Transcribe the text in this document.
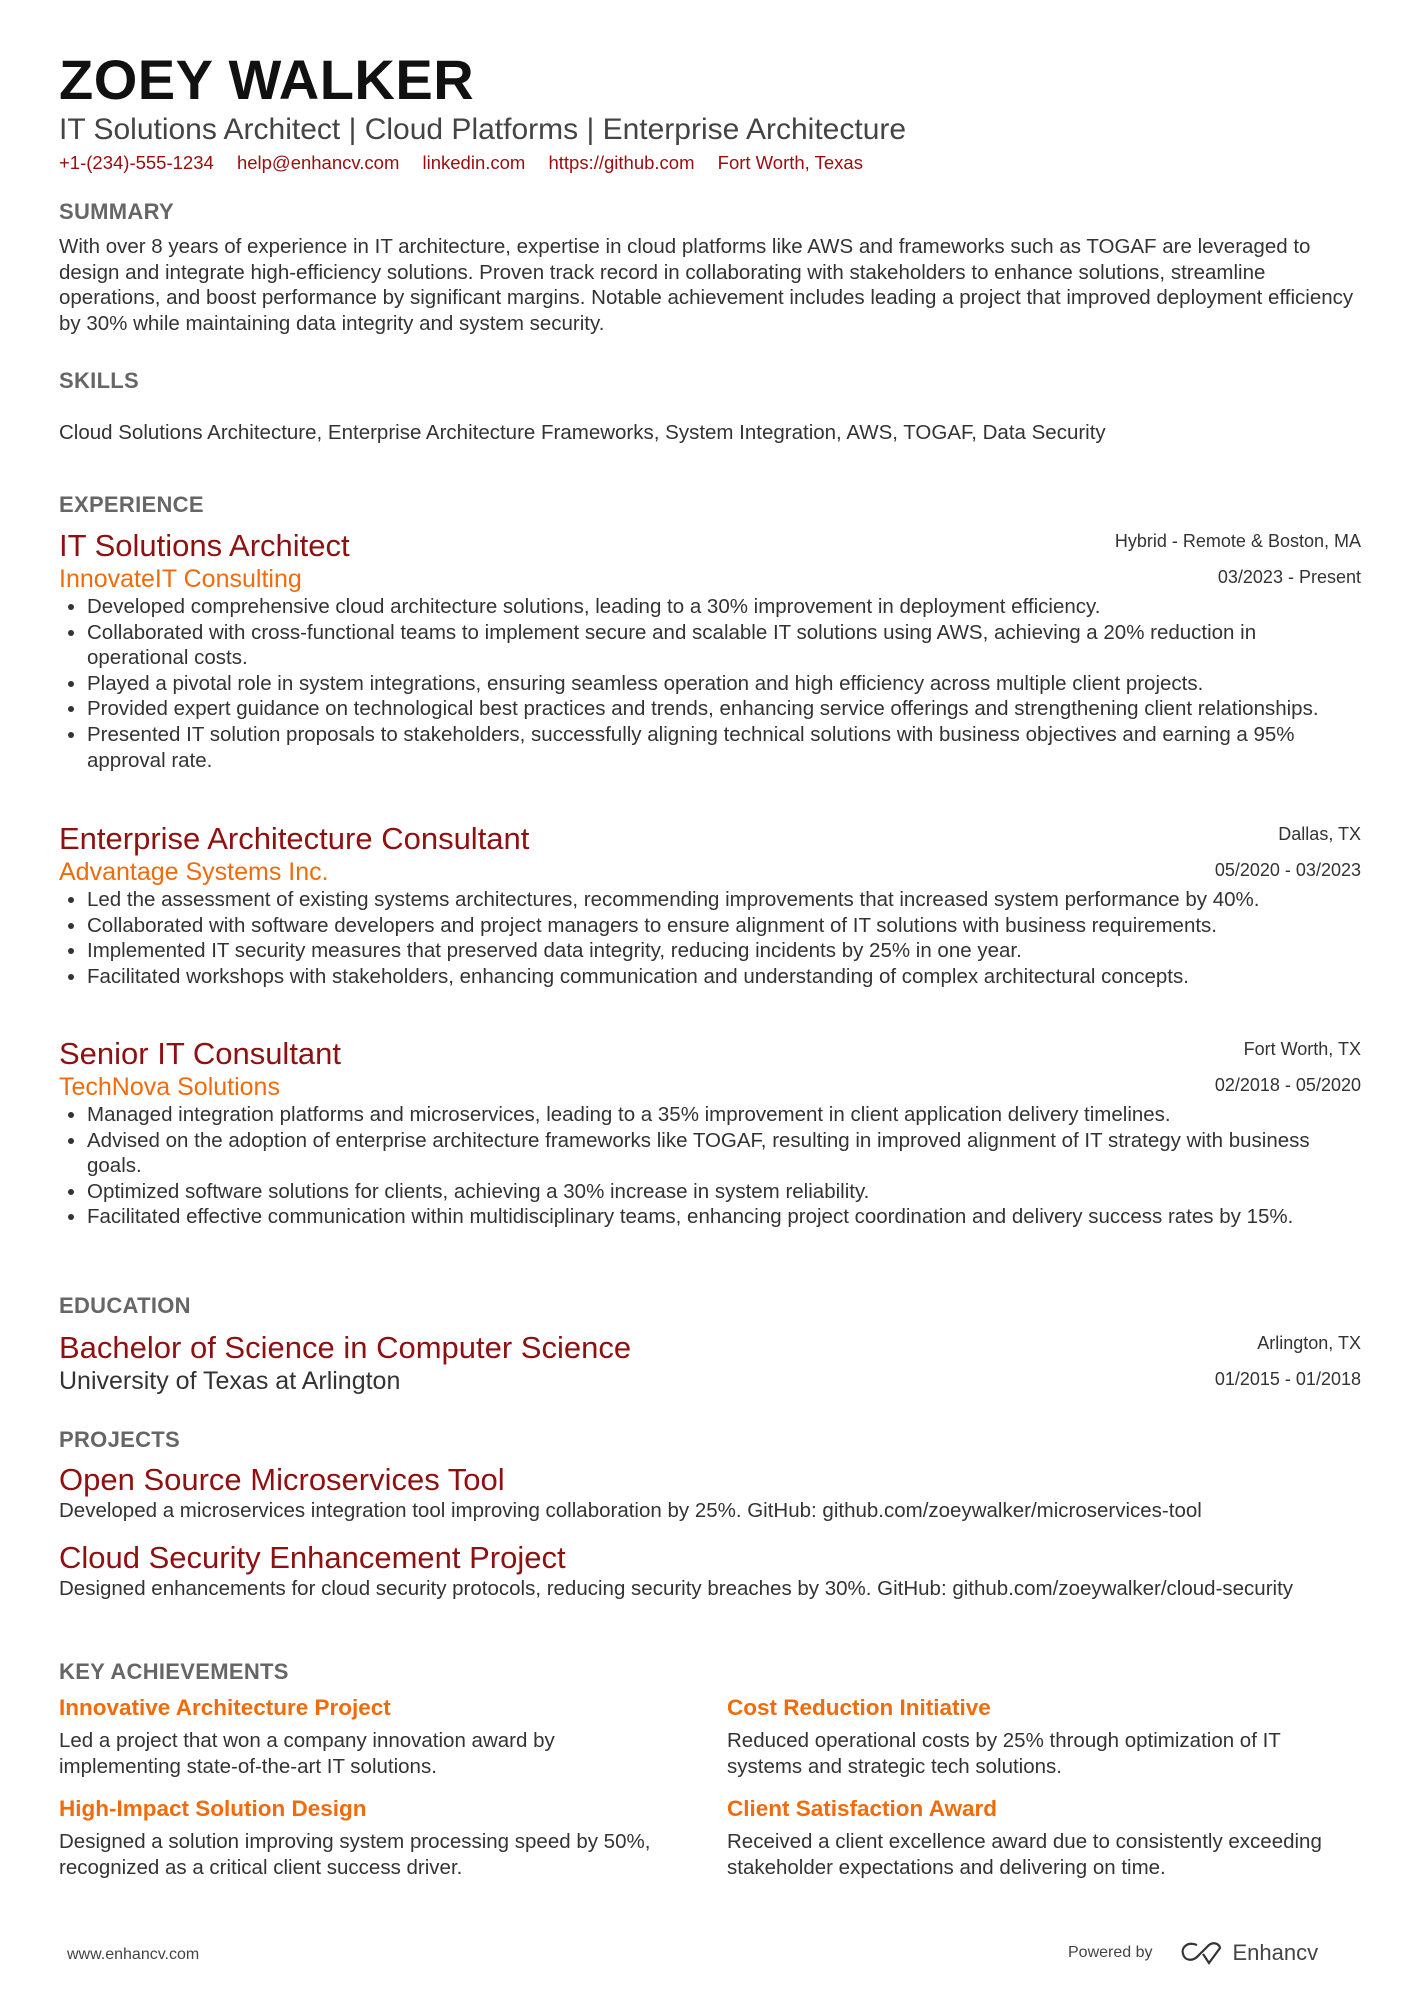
ZOEY WALKER
IT Solutions Architect | Cloud Platforms | Enterprise Architecture
+1-(234)-555-1234 help@enhancv.com linkedin.com https://github.com Fort Worth, Texas
SUMMARY
With over 8 years of experience in IT architecture, expertise in cloud platforms like AWS and frameworks such as TOGAF are leveraged to design and integrate high-efficiency solutions. Proven track record in collaborating with stakeholders to enhance solutions, streamline operations, and boost performance by significant margins. Notable achievement includes leading a project that improved deployment efficiency by 30% while maintaining data integrity and system security.
SKILLS
Cloud Solutions Architecture, Enterprise Architecture Frameworks, System Integration, AWS, TOGAF, Data Security
EXPERIENCE
IT Solutions Architect
InnovateIT Consulting
Hybrid - Remote & Boston, MA
03/2023 - Present
• Developed comprehensive cloud architecture solutions, leading to a 30% improvement in deployment efficiency.
• Collaborated with cross-functional teams to implement secure and scalable IT solutions using AWS, achieving a 20% reduction in operational costs.
• Played a pivotal role in system integrations, ensuring seamless operation and high efficiency across multiple client projects.
• Provided expert guidance on technological best practices and trends, enhancing service offerings and strengthening client relationships.
• Presented IT solution proposals to stakeholders, successfully aligning technical solutions with business objectives and earning a 95% approval rate.
Enterprise Architecture Consultant
Advantage Systems Inc.
Dallas, TX
05/2020 - 03/2023
• Led the assessment of existing systems architectures, recommending improvements that increased system performance by 40%.
• Collaborated with software developers and project managers to ensure alignment of IT solutions with business requirements.
• Implemented IT security measures that preserved data integrity, reducing incidents by 25% in one year.
• Facilitated workshops with stakeholders, enhancing communication and understanding of complex architectural concepts.
Senior IT Consultant
TechNova Solutions
Fort Worth, TX
02/2018 - 05/2020
• Managed integration platforms and microservices, leading to a 35% improvement in client application delivery timelines.
• Advised on the adoption of enterprise architecture frameworks like TOGAF, resulting in improved alignment of IT strategy with business goals.
• Optimized software solutions for clients, achieving a 30% increase in system reliability.
• Facilitated effective communication within multidisciplinary teams, enhancing project coordination and delivery success rates by 15%.
EDUCATION
Bachelor of Science in Computer Science
University of Texas at Arlington
Arlington, TX
01/2015 - 01/2018
PROJECTS
Open Source Microservices Tool
Developed a microservices integration tool improving collaboration by 25%. GitHub: github.com/zoeywalker/microservices-tool
Cloud Security Enhancement Project
Designed enhancements for cloud security protocols, reducing security breaches by 30%. GitHub: github.com/zoeywalker/cloud-security
KEY ACHIEVEMENTS
Innovative Architecture Project
Led a project that won a company innovation award by implementing state-of-the-art IT solutions.
Cost Reduction Initiative
Reduced operational costs by 25% through optimization of IT systems and strategic tech solutions.
High-Impact Solution Design
Designed a solution improving system processing speed by 50%, recognized as a critical client success driver.
Client Satisfaction Award
Received a client excellence award due to consistently exceeding stakeholder expectations and delivering on time.
www.enhancv.com	Powered by	Enhancv
